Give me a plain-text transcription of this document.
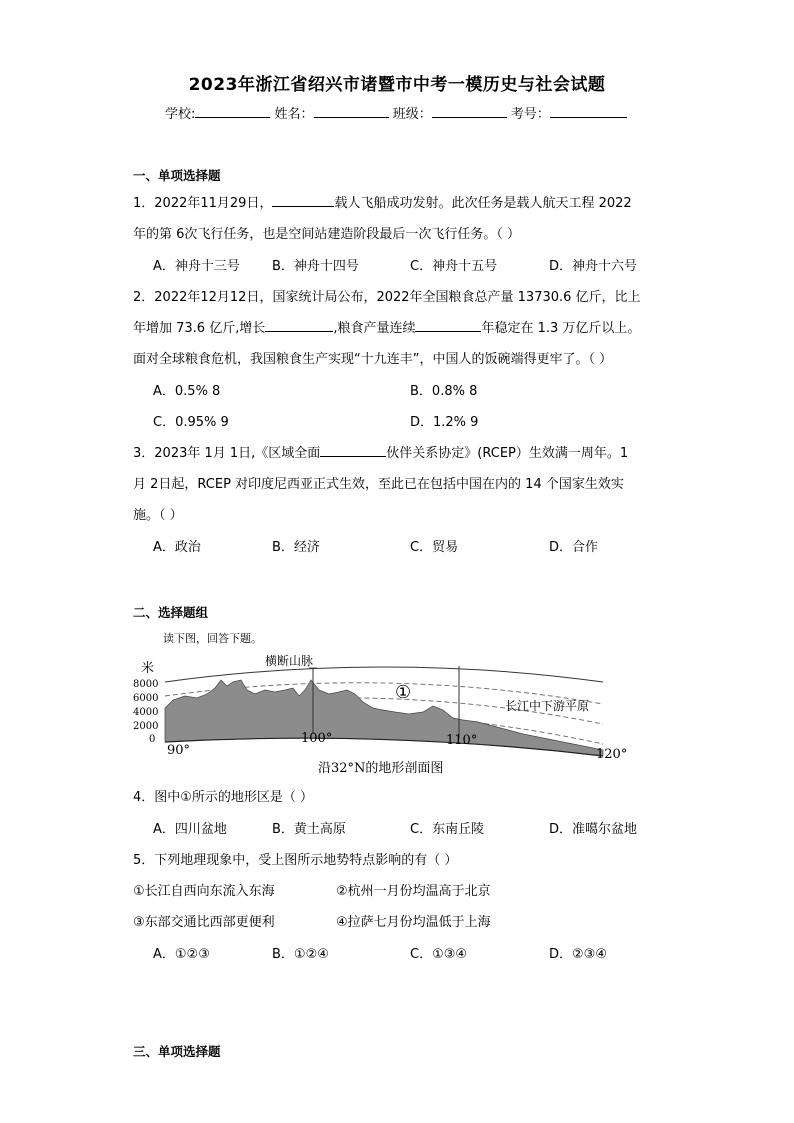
2023年浙江省绍兴市诸暨市中考一模历史与社会试题
学校:	姓名：	班级：	考号：
一、单项选择题
1．2022年11月29日，	载人飞船成功发射。此次任务是载人航天工程 2022
年的第 6次飞行任务，也是空间站建造阶段最后一次飞行任务。（ ）
A．神舟十三号 B．神舟十四号	C．神舟十五号	D．神舟十六号
2．2022年12月12日，国家统计局公布，2022年全国粮食总产量 13730.6 亿斤，比上
年增加 73.6 亿斤,增长	,粮食产量连续	年稳定在 1.3 万亿斤以上。
面对全球粮食危机，我国粮食生产实现“十九连丰”，中国人的饭碗端得更牢了。（ ）
A．0.5% 8	B．0.8% 8
C．0.95% 9	D．1.2% 9
3．2023年 1月 1日,《区域全面	伙伴关系协定》(RCEP）生效满一周年。1
月 2日起，RCEP 对印度尼西亚正式生效，至此已在包括中国在内的 14 个国家生效实
施。（ ）
A．政治	B．经济	C．贸易	D．合作
二、选择题组
读下图，回答下题。
米
8000
6000
4000
2000
0
横断山脉
①
长江中下游平原
90°
100°	110°
120°
沿32°N的地形剖面图
4．图中①所示的地形区是（ ）
A．四川盆地	B．黄土高原	C．东南丘陵	D．准噶尔盆地
5．下列地理现象中，受上图所示地势特点影响的有（ ）
①长江自西向东流入东海	②杭州一月份均温高于北京
③东部交通比西部更便利	④拉萨七月份均温低于上海
A．①②③	B．①②④	C．①③④	D．②③④
三、单项选择题
